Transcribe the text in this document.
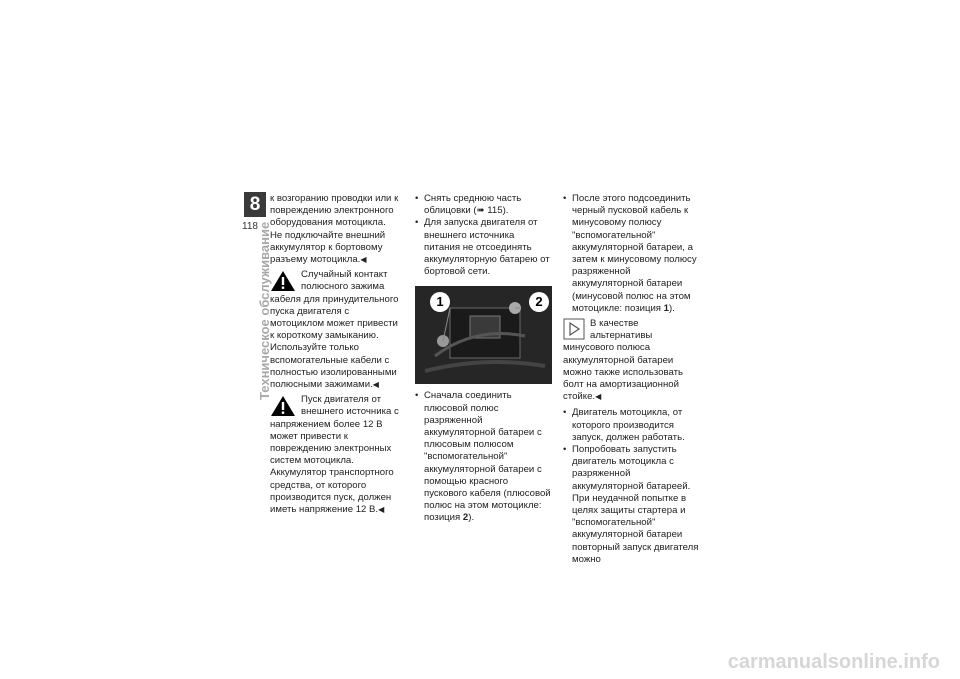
8
118 Техническое обслуживание

к возгоранию проводки или к повреждению электронного оборудования мотоцикла.

Не подключайте внешний аккумулятор к бортовому разъему мотоцикла.◀

Случайный контакт полюсного зажима кабеля для принудительного пуска двигателя с мотоциклом может привести к короткому замыканию. Используйте только вспомогательные кабели с полностью изолированными полюсными зажимами.◀
Пуск двигателя от внешнего источника с напряжением более 12 В может привести к повреждению электронных систем мотоцикла. Аккумулятор транспортного средства, от которого производится пуск, должен иметь напряжение 12 В.◀

• Снять среднюю часть облицовки (➠ 115).

• Для запуска двигателя от внешнего источника питания не отсоединять аккумуляторную батарею от бортовой сети.

1	2

• Сначала соединить плюсовой полюс разряженной аккумуляторной батареи с плюсовым полюсом "вспомогательной" аккумуляторной батареи с помощью красного пускового кабеля (плюсовой полюс на этом мотоцикле: позиция 2).

• После этого подсоединить черный пусковой кабель к минусовому полюсу "вспомогательной" аккумуляторной батареи, а затем к минусовому полюсу разряженной аккумуляторной батареи (минусовой полюс на этом мотоцикле: позиция 1).

В качестве альтернативы минусового полюса аккумуляторной батареи можно также использовать болт на амортизационной стойке.◀

• Двигатель мотоцикла, от которого производится запуск, должен работать.

• Попробовать запустить двигатель мотоцикла с разряженной аккумуляторной батареей. При неудачной попытке в целях защиты стартера и "вспомогательной" аккумуляторной батареи повторный запуск двигателя можно

carmanualsonline.info
